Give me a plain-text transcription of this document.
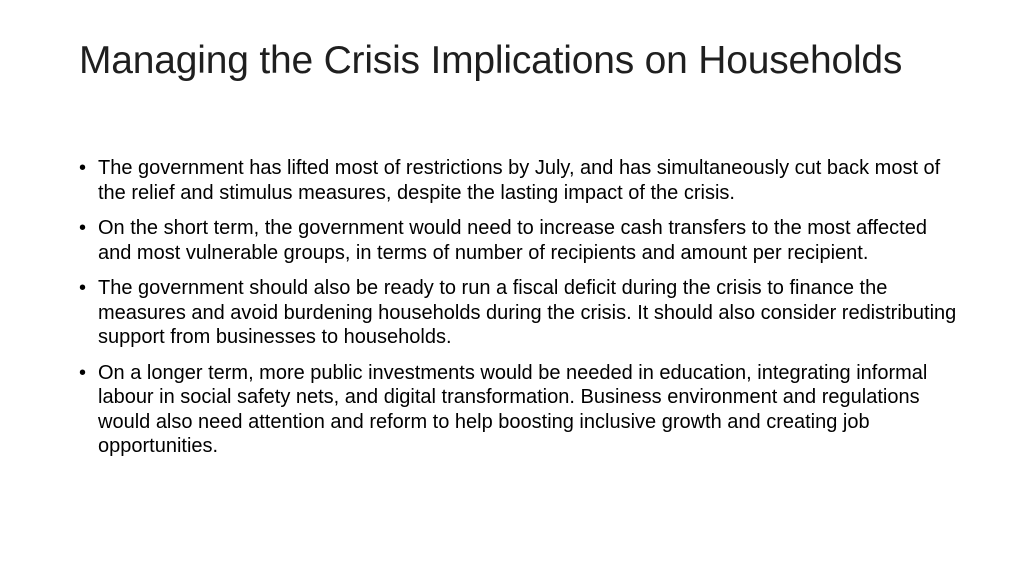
Managing the Crisis Implications on Households
• The government has lifted most of restrictions by July, and has simultaneously cut back most of the relief and stimulus measures, despite the lasting impact of the crisis.
• On the short term, the government would need to increase cash transfers to the most affected and most vulnerable groups, in terms of number of recipients and amount per recipient.
• The government should also be ready to run a fiscal deficit during the crisis to finance the measures and avoid burdening households during the crisis. It should also consider redistributing support from businesses to households.
• On a longer term, more public investments would be needed in education, integrating informal labour in social safety nets, and digital transformation. Business environment and regulations would also need attention and reform to help boosting inclusive growth and creating job opportunities.
